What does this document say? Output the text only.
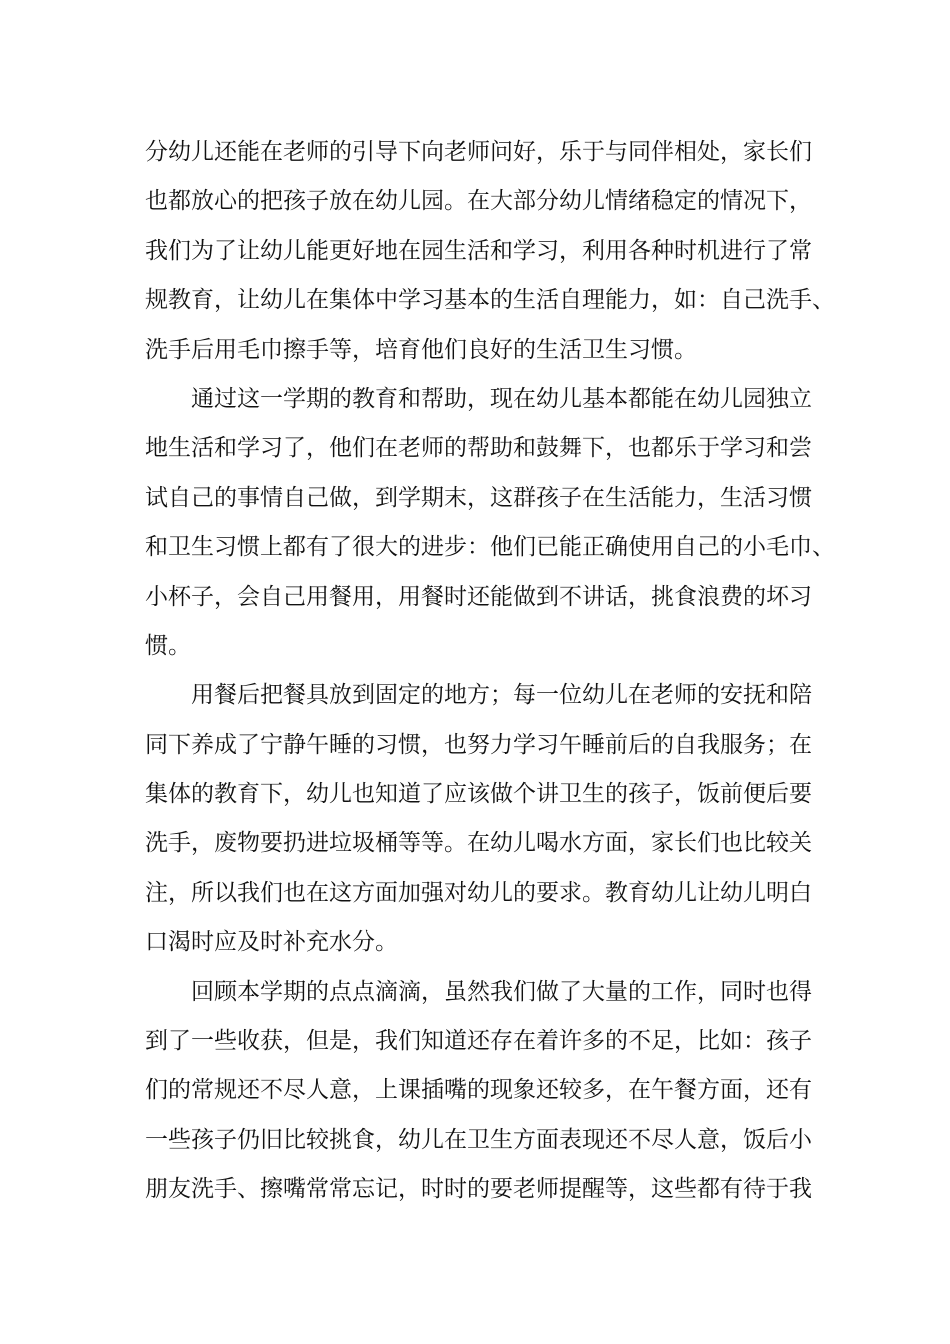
分幼儿还能在老师的引导下向老师问好，乐于与同伴相处，家长们
也都放心的把孩子放在幼儿园。在大部分幼儿情绪稳定的情况下，
我们为了让幼儿能更好地在园生活和学习，利用各种时机进行了常
规教育，让幼儿在集体中学习基本的生活自理能力，如：自己洗手、
洗手后用毛巾擦手等，培育他们良好的生活卫生习惯。
通过这一学期的教育和帮助，现在幼儿基本都能在幼儿园独立
地生活和学习了，他们在老师的帮助和鼓舞下，也都乐于学习和尝
试自己的事情自己做，到学期末，这群孩子在生活能力，生活习惯
和卫生习惯上都有了很大的进步：他们已能正确使用自己的小毛巾、
小杯子，会自己用餐用，用餐时还能做到不讲话，挑食浪费的坏习
惯。
用餐后把餐具放到固定的地方；每一位幼儿在老师的安抚和陪
同下养成了宁静午睡的习惯，也努力学习午睡前后的自我服务；在
集体的教育下，幼儿也知道了应该做个讲卫生的孩子，饭前便后要
洗手，废物要扔进垃圾桶等等。在幼儿喝水方面，家长们也比较关
注，所以我们也在这方面加强对幼儿的要求。教育幼儿让幼儿明白
口渴时应及时补充水分。
回顾本学期的点点滴滴，虽然我们做了大量的工作，同时也得
到了一些收获，但是，我们知道还存在着许多的不足，比如：孩子
们的常规还不尽人意，上课插嘴的现象还较多，在午餐方面，还有
一些孩子仍旧比较挑食，幼儿在卫生方面表现还不尽人意，饭后小
朋友洗手、擦嘴常常忘记，时时的要老师提醒等，这些都有待于我
